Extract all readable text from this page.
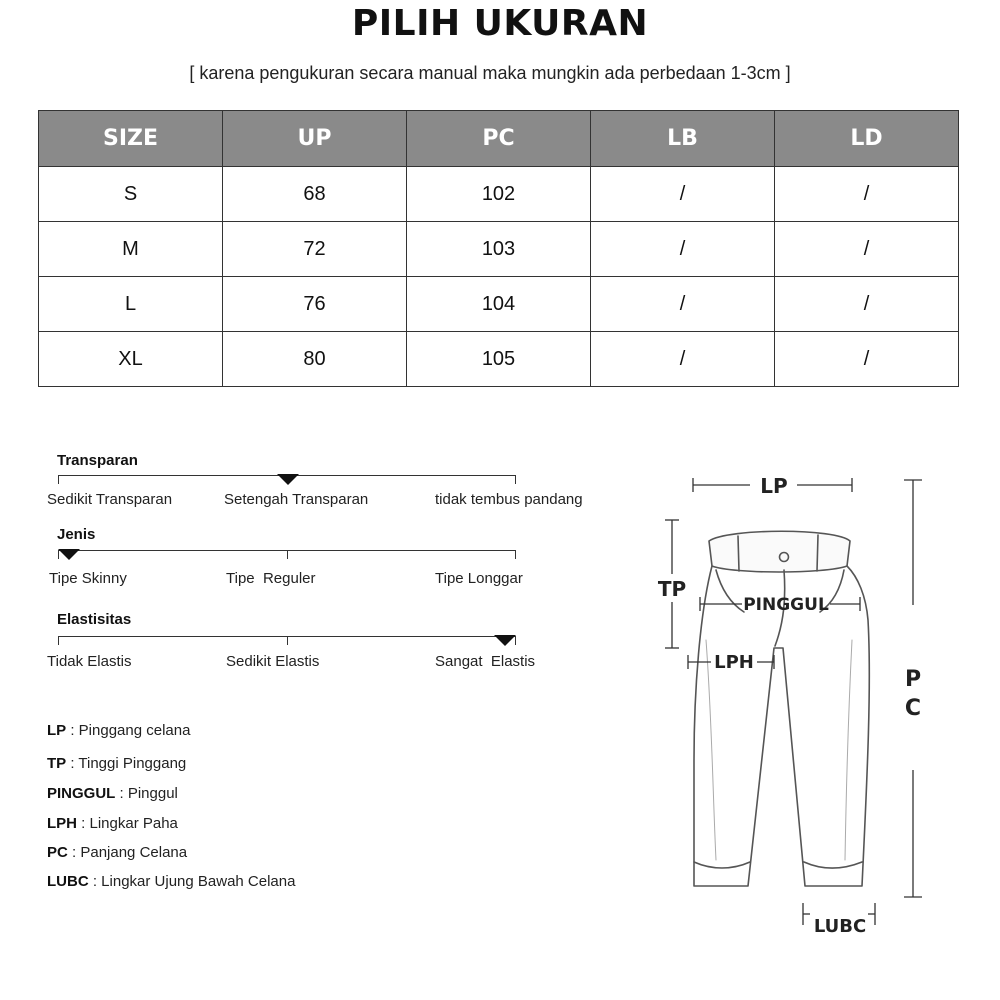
PILIH UKURAN
[ karena pengukuran secara manual maka mungkin ada perbedaan 1-3cm ]
SIZE	UP	PC	LB	LD
S	68	102	/	/
M	72	103	/	/
L	76	104	/	/
XL	80	105	/	/
Transparan
Sedikit Transparan	Setengah Transparan	tidak tembus pandang
Jenis
Tipe Skinny	Tipe  Reguler	Tipe Longgar
Elastisitas
Tidak Elastis	Sedikit Elastis	Sangat  Elastis
LP : Pinggang celana
TP : Tinggi Pinggang
PINGGUL : Pinggul
LPH : Lingkar Paha
PC : Panjang Celana
LUBC : Lingkar Ujung Bawah Celana
LP
TP
PINGGUL
LPH
P
C
LUBC
